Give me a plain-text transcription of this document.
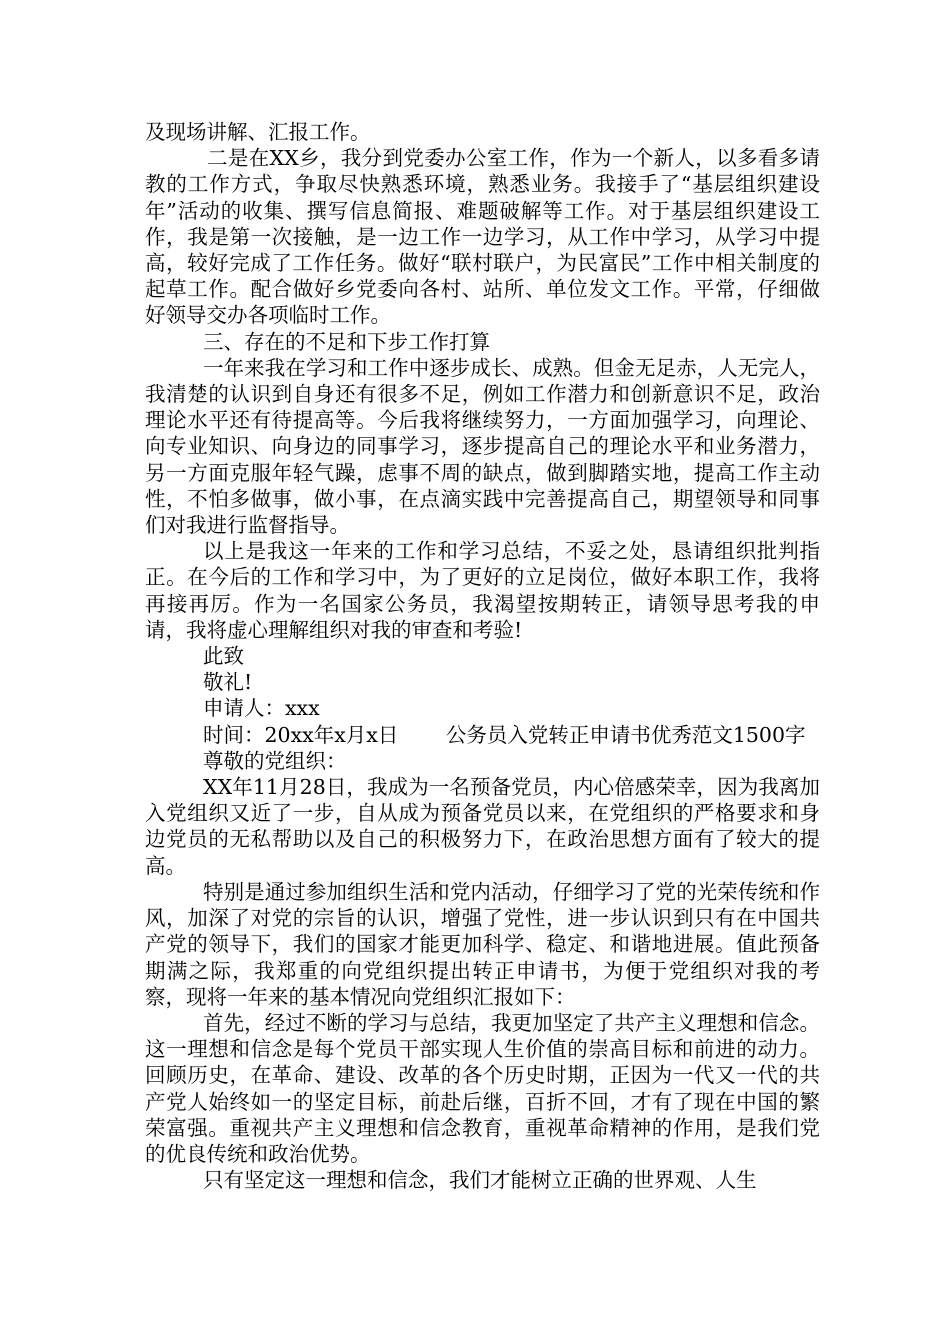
及现场讲解、汇报工作。

二是在XX乡，我分到党委办公室工作，作为一个新人，以多看多请教的工作方式，争取尽快熟悉环境，熟悉业务。我接手了“基层组织建设年”活动的收集、撰写信息简报、难题破解等工作。对于基层组织建设工作，我是第一次接触，是一边工作一边学习，从工作中学习，从学习中提高，较好完成了工作任务。做好“联村联户，为民富民”工作中相关制度的起草工作。配合做好乡党委向各村、站所、单位发文工作。平常，仔细做好领导交办各项临时工作。

三、存在的不足和下步工作打算

一年来我在学习和工作中逐步成长、成熟。但金无足赤，人无完人，我清楚的认识到自身还有很多不足，例如工作潜力和创新意识不足，政治理论水平还有待提高等。今后我将继续努力，一方面加强学习，向理论、向专业知识、向身边的同事学习，逐步提高自己的理论水平和业务潜力，另一方面克服年轻气躁，虑事不周的缺点，做到脚踏实地，提高工作主动性，不怕多做事，做小事，在点滴实践中完善提高自己，期望领导和同事们对我进行监督指导。

以上是我这一年来的工作和学习总结，不妥之处，恳请组织批判指正。在今后的工作和学习中，为了更好的立足岗位，做好本职工作，我将再接再厉。作为一名国家公务员，我渴望按期转正，请领导思考我的申请，我将虚心理解组织对我的审查和考验!

此致

敬礼!

申请人：xxx

时间：20xx年x月x日　　 公务员入党转正申请书优秀范文1500字

尊敬的党组织：

XX年11月28日，我成为一名预备党员，内心倍感荣幸，因为我离加入党组织又近了一步，自从成为预备党员以来，在党组织的严格要求和身边党员的无私帮助以及自己的积极努力下，在政治思想方面有了较大的提高。

特别是通过参加组织生活和党内活动，仔细学习了党的光荣传统和作风，加深了对党的宗旨的认识，增强了党性，进一步认识到只有在中国共产党的领导下，我们的国家才能更加科学、稳定、和谐地进展。值此预备期满之际，我郑重的向党组织提出转正申请书，为便于党组织对我的考察，现将一年来的基本情况向党组织汇报如下：

首先，经过不断的学习与总结，我更加坚定了共产主义理想和信念。这一理想和信念是每个党员干部实现人生价值的崇高目标和前进的动力。回顾历史，在革命、建设、改革的各个历史时期，正因为一代又一代的共产党人始终如一的坚定目标，前赴后继，百折不回，才有了现在中国的繁荣富强。重视共产主义理想和信念教育，重视革命精神的作用，是我们党的优良传统和政治优势。

只有坚定这一理想和信念，我们才能树立正确的世界观、人生
